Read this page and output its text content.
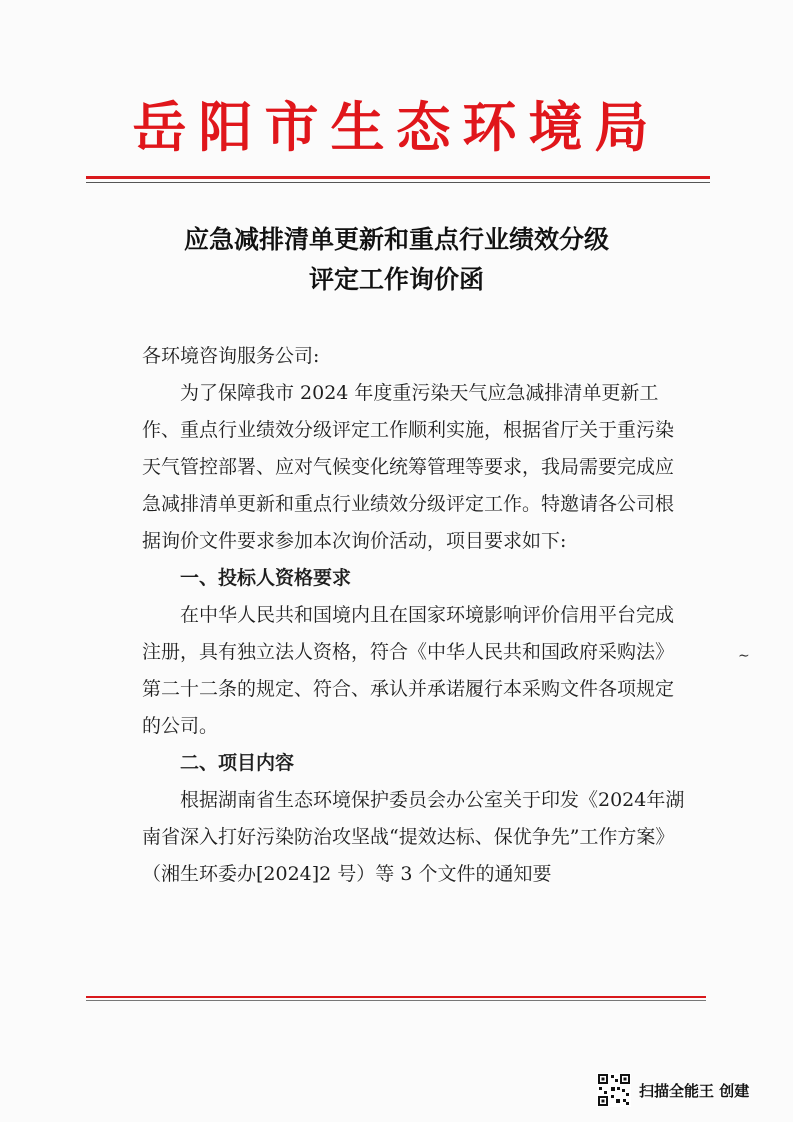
岳阳市生态环境局
应急减排清单更新和重点行业绩效分级
评定工作询价函

各环境咨询服务公司:

为了保障我市 2024 年度重污染天气应急减排清单更新工作、重点行业绩效分级评定工作顺利实施，根据省厅关于重污染天气管控部署、应对气候变化统筹管理等要求，我局需要完成应急减排清单更新和重点行业绩效分级评定工作。特邀请各公司根据询价文件要求参加本次询价活动，项目要求如下:

一、投标人资格要求

在中华人民共和国境内且在国家环境影响评价信用平台完成注册，具有独立法人资格，符合《中华人民共和国政府采购法》第二十二条的规定、符合、承认并承诺履行本采购文件各项规定的公司。

二、项目内容

根据湖南省生态环境保护委员会办公室关于印发《2024年湖南省深入打好污染防治攻坚战“提效达标、保优争先”工作方案》（湘生环委办[2024]2 号）等 3 个文件的通知要

∼
扫描全能王 创建
